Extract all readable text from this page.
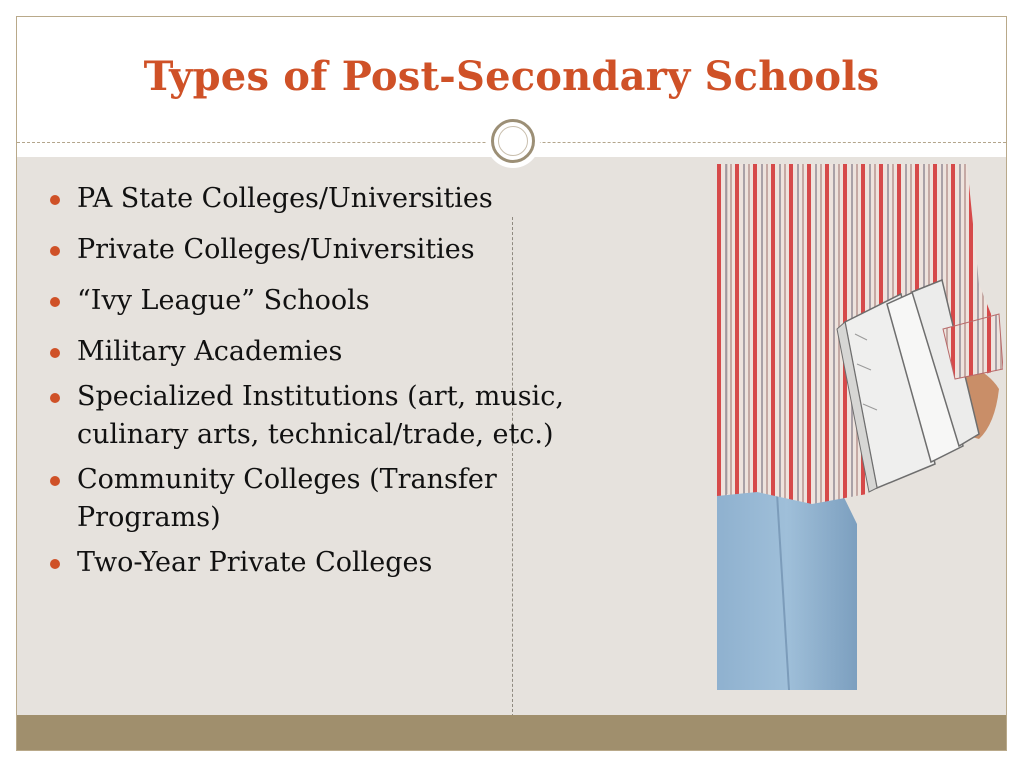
Types of Post-Secondary Schools
PA State Colleges/Universities
Private Colleges/Universities
“Ivy League” Schools
Military Academies
Specialized Institutions (art, music, culinary arts, technical/trade, etc.)
Community Colleges (Transfer Programs)
Two-Year Private Colleges
